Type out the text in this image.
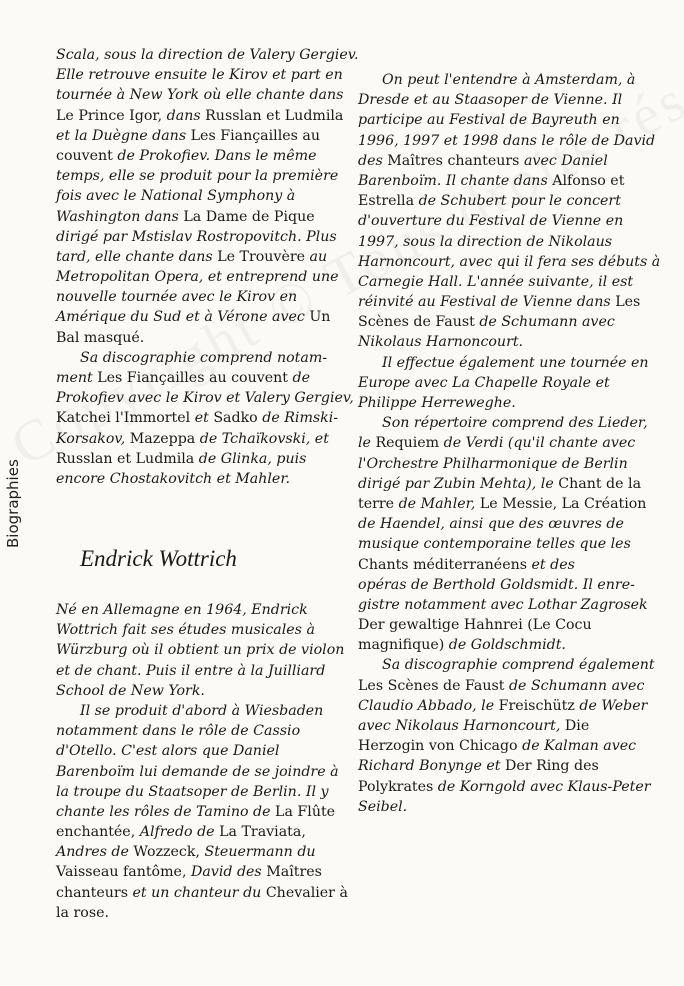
Biographies
Scala, sous la direction de Valery Gergiev.
Elle retrouve ensuite le Kirov et part en
tournée à New York où elle chante dans
Le Prince Igor, dans Russlan et Ludmila
et la Duègne dans Les Fiançailles au
couvent de Prokofiev. Dans le même
temps, elle se produit pour la première
fois avec le National Symphony à
Washington dans La Dame de Pique
dirigé par Mstislav Rostropovitch. Plus
tard, elle chante dans Le Trouvère au
Metropolitan Opera, et entreprend une
nouvelle tournée avec le Kirov en
Amérique du Sud et à Vérone avec Un
Bal masqué.
Sa discographie comprend notam-
ment Les Fiançailles au couvent de
Prokofiev avec le Kirov et Valery Gergiev,
Katchei l'Immortel et Sadko de Rimski-
Korsakov, Mazeppa de Tchaïkovski, et
Russlan et Ludmila de Glinka, puis
encore Chostakovitch et Mahler.
Endrick Wottrich
Né en Allemagne en 1964, Endrick
Wottrich fait ses études musicales à
Würzburg où il obtient un prix de violon
et de chant. Puis il entre à la Juilliard
School de New York.
Il se produit d'abord à Wiesbaden
notamment dans le rôle de Cassio
d'Otello. C'est alors que Daniel
Barenboïm lui demande de se joindre à
la troupe du Staatsoper de Berlin. Il y
chante les rôles de Tamino de La Flûte
enchantée, Alfredo de La Traviata,
Andres de Wozzeck, Steuermann du
Vaisseau fantôme, David des Maîtres
chanteurs et un chanteur du Chevalier à
la rose.
On peut l'entendre à Amsterdam, à
Dresde et au Staasoper de Vienne. Il
participe au Festival de Bayreuth en
1996, 1997 et 1998 dans le rôle de David
des Maîtres chanteurs avec Daniel
Barenboïm. Il chante dans Alfonso et
Estrella de Schubert pour le concert
d'ouverture du Festival de Vienne en
1997, sous la direction de Nikolaus
Harnoncourt, avec qui il fera ses débuts à
Carnegie Hall. L'année suivante, il est
réinvité au Festival de Vienne dans Les
Scènes de Faust de Schumann avec
Nikolaus Harnoncourt.
Il effectue également une tournée en
Europe avec La Chapelle Royale et
Philippe Herreweghe.
Son répertoire comprend des Lieder,
le Requiem de Verdi (qu'il chante avec
l'Orchestre Philharmonique de Berlin
dirigé par Zubin Mehta), le Chant de la
terre de Mahler, Le Messie, La Création
de Haendel, ainsi que des œuvres de
musique contemporaine telles que les
Chants méditerranéens et des
opéras de Berthold Goldsmidt. Il enre-
gistre notamment avec Lothar Zagrosek
Der gewaltige Hahnrei (Le Cocu
magnifique) de Goldschmidt.
Sa discographie comprend également
Les Scènes de Faust de Schumann avec
Claudio Abbado, le Freischütz de Weber
avec Nikolaus Harnoncourt, Die
Herzogin von Chicago de Kalman avec
Richard Bonynge et Der Ring des
Polykrates de Korngold avec Klaus-Peter
Seibel.
